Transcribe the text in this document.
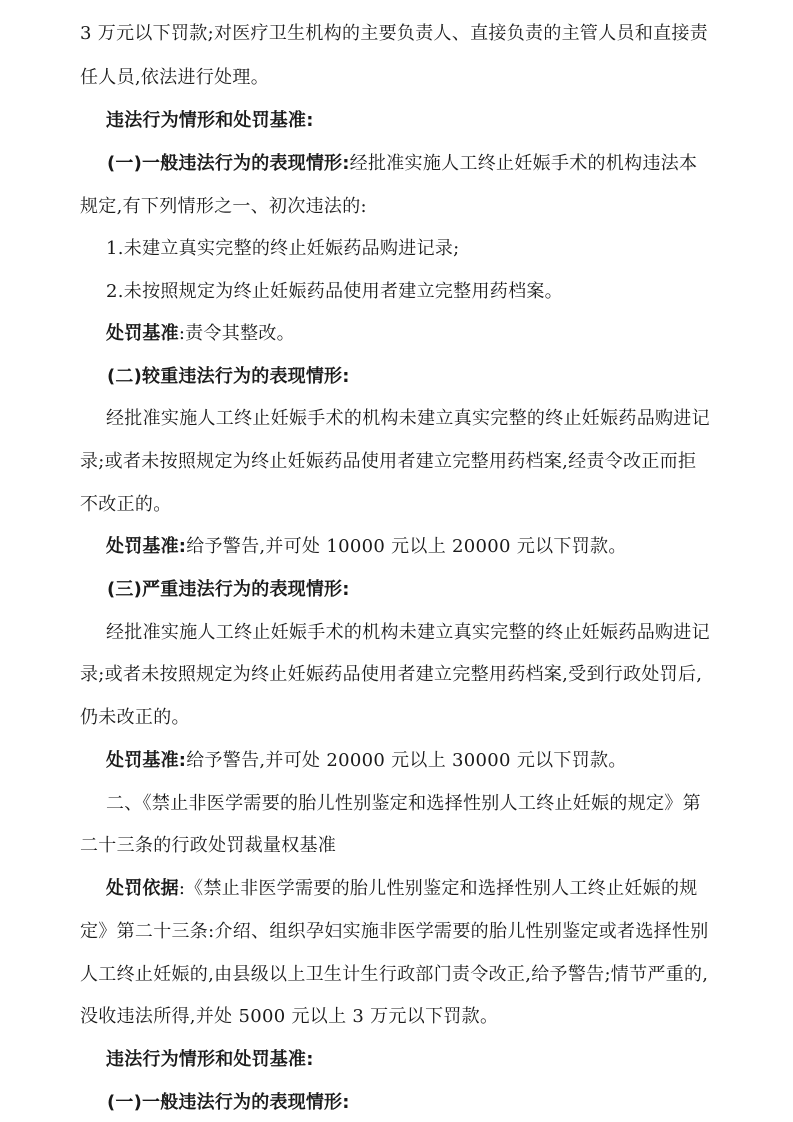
3 万元以下罚款;对医疗卫生机构的主要负责人、直接负责的主管人员和直接责
任人员,依法进行处理。
违法行为情形和处罚基准:
(一)一般违法行为的表现情形:经批准实施人工终止妊娠手术的机构违法本
规定,有下列情形之一、初次违法的:
1.未建立真实完整的终止妊娠药品购进记录;
2.未按照规定为终止妊娠药品使用者建立完整用药档案。
处罚基准:责令其整改。
(二)较重违法行为的表现情形:
经批准实施人工终止妊娠手术的机构未建立真实完整的终止妊娠药品购进记
录;或者未按照规定为终止妊娠药品使用者建立完整用药档案,经责令改正而拒
不改正的。
处罚基准:给予警告,并可处 10000 元以上 20000 元以下罚款。
(三)严重违法行为的表现情形:
经批准实施人工终止妊娠手术的机构未建立真实完整的终止妊娠药品购进记
录;或者未按照规定为终止妊娠药品使用者建立完整用药档案,受到行政处罚后,
仍未改正的。
处罚基准:给予警告,并可处 20000 元以上 30000 元以下罚款。
二、《禁止非医学需要的胎儿性别鉴定和选择性别人工终止妊娠的规定》第
二十三条的行政处罚裁量权基准
处罚依据:《禁止非医学需要的胎儿性别鉴定和选择性别人工终止妊娠的规
定》第二十三条:介绍、组织孕妇实施非医学需要的胎儿性别鉴定或者选择性别
人工终止妊娠的,由县级以上卫生计生行政部门责令改正,给予警告;情节严重的,
没收违法所得,并处 5000 元以上 3 万元以下罚款。
违法行为情形和处罚基准:
(一)一般违法行为的表现情形:
